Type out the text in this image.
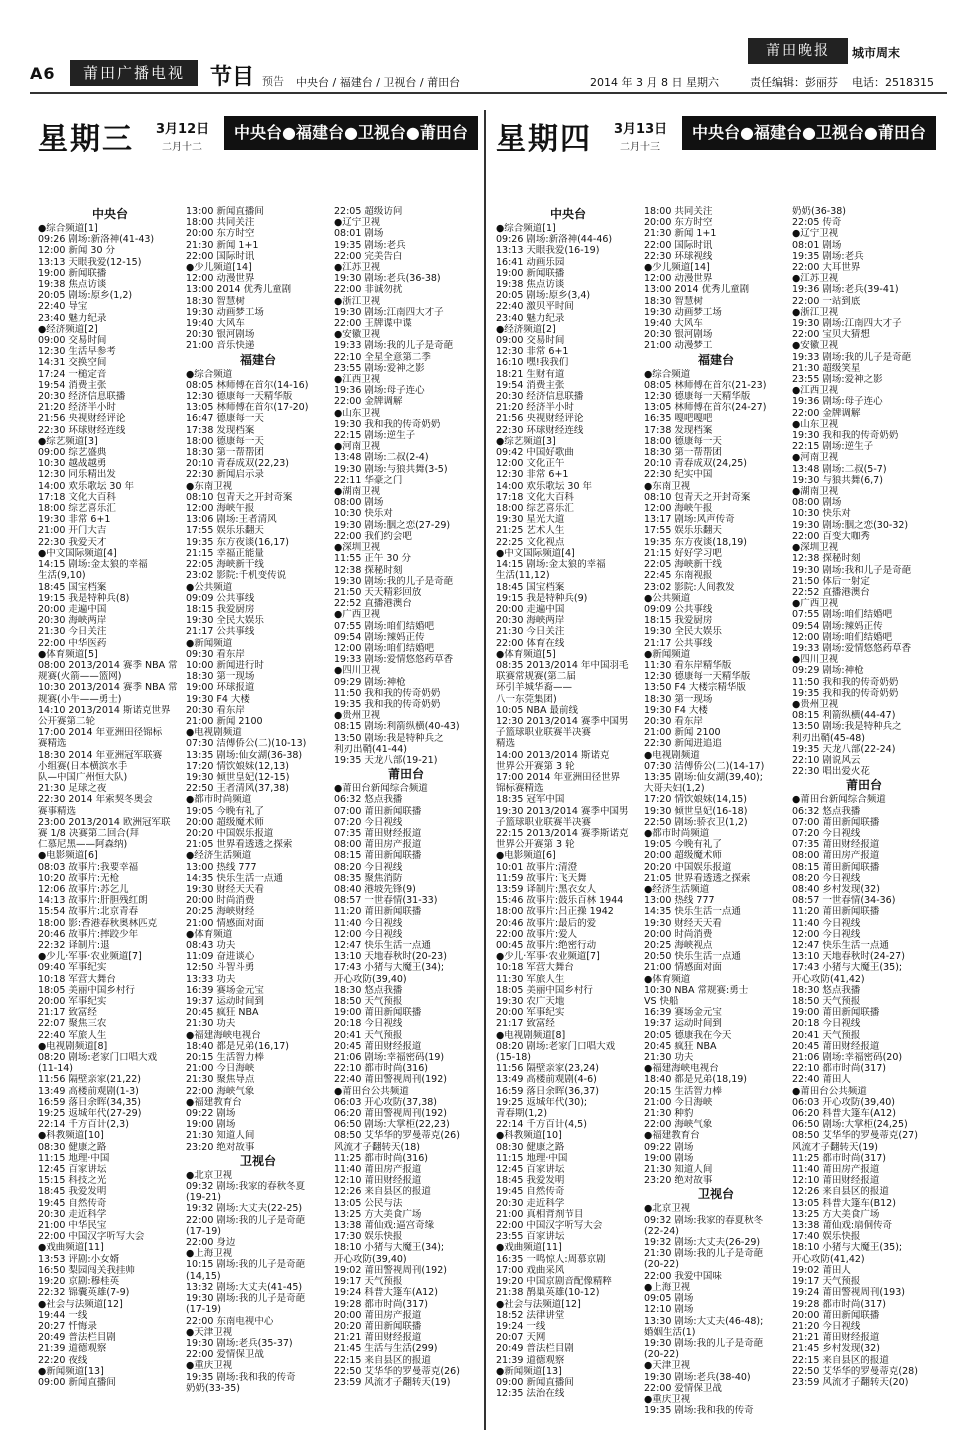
A6	莆田广播电视	节目 预告 中央台 / 福建台 / 卫视台 / 莆田台	2014 年 3 月 8 日 星期六	责任编辑：彭丽芬 电话：2518315
莆田晚报	城市周末
星期三 3月12日
二月十二
中央台●福建台●卫视台●莆田台
中央台
●综合频道[1]
09:26 剧场:新洛神(41-43)
12:00 新闻 30 分
13:13 天眼我爱(12-15)
19:00 新闻联播
19:38 焦点访谈
20:05 剧场:原乡(1,2)
22:40 导宝
23:40 魅力纪录
●经济频道[2]
09:00 交易时间
12:30 生活早参考
14:31 交换空间
17:24 一槌定音
19:54 消费主张
20:30 经济信息联播
21:20 经济半小时
21:56 央视财经评论
22:30 环球财经连线
●综艺频道[3]
09:00 综艺盛典
10:30 越战越勇
12:30 同乐精出发
14:00 欢乐歌坛 30 年
17:18 文化大百科
18:00 综艺喜乐汇
19:30 非常 6+1
21:00 开门大吉
22:30 我爱天才
●中文国际频道[4]
14:15 剧场:金太狼的幸福
生活(9,10)
18:45 国宝档案
19:15 我是特种兵(8)
20:00 走遍中国
20:30 海峡两岸
21:30 今日关注
22:00 中华医药
●体育频道[5]
08:00 2013/2014 赛季 NBA 常
规赛(火箭——篮网)
10:30 2013/2014 赛季 NBA 常
规赛(小牛——勇士)
14:10 2013/2014 斯诺克世界
公开赛第二轮
17:00 2014 年亚洲田径锦标
赛精选
18:30 2014 年亚洲冠军联赛
小组赛(日本横滨水手
队—中国广州恒大队)
21:30 足球之夜
22:30 2014 年索契冬奥会
赛事精选
23:00 2013/2014 欧洲冠军联
赛 1/8 决赛第二回合(拜
仁慕尼黑——阿森纳)
●电影频道[6]
08:03 故事片:我要幸福
10:20 故事片:无枪
12:06 故事片:苏乞儿
14:13 故事片:肝胆残红朗
15:54 故事片:北京青春
18:00 影:香港春秋奥林匹克
20:46 故事片:摔跤少年
22:32 译制片:退
●少儿·军事·农业频道[7]
09:40 军事纪实
10:18 军营大舞台
18:05 美丽中国乡村行
20:00 军事纪实
21:17 致富经
22:07 聚焦三农
22:40 军旅人生
●电视剧频道[8]
08:20 剧场:老家门口唱大戏
(11-14)
11:56 隔壁亲家(21,22)
13:49 高楼前观剧(1-3)
16:59 落日余晖(34,35)
19:25 返城年代(27-29)
22:14 千方百计(2,3)
●科教频道[10]
08:30 健康之路
11:15 地理·中国
12:45 百家讲坛
15:15 科技之光
18:45 我爱发明
19:45 自然传奇
20:30 走近科学
21:00 中华民宝
22:00 中国汉字听写大会
●戏曲频道[11]
13:53 评剧:小女婿
16:50 梨园闯关我挂帅
19:20 京剧:穆桂英
22:32 锦囊英雄(7-9)
●社会与法频道[12]
19:44 一线
20:27 忏悔录
20:49 普法栏目剧
21:39 道德观察
22:20 夜线
●新闻频道[13]
09:00 新闻直播间
13:00 新闻直播间
18:00 共同关注
20:00 东方时空
21:30 新闻 1+1
22:00 国际时讯
●少儿频道[14]
12:00 动漫世界
13:00 2014 优秀儿童剧
18:30 智慧树
19:30 动画梦工场
19:40 大风车
20:30 银河剧场
21:00 音乐快递
福建台
●综合频道
08:05 林师傅在首尔(14-16)
12:30 德康每一天精华版
13:05 林师傅在首尔(17-20)
16:47 德康每一天
17:38 发现档案
18:00 德康每一天
18:30 第一帮帮团
20:10 青春成双(22,23)
22:30 新闻启示录
●东南卫视
08:10 包青天之开封奇案
12:00 海峡午报
13:06 剧场:王者清风
17:55 娱乐乐翻天
19:35 东方夜谈(16,17)
21:15 幸福正能量
22:05 海峡新干线
23:02 影院:千机变传说
●公共频道
09:09 公共事线
18:15 我爱厨房
19:30 全民大娱乐
21:17 公共事线
●新闻频道
09:30 看东岸
10:00 新闻进行时
18:30 第一现场
19:00 环球报道
19:30 F4 大楼
20:30 看东岸
21:00 新闻 2100
●电视剧频道
07:30 洁傅侨公(二)(10-13)
13:35 剧场:仙女湖(36-38)
17:20 情饮娘妹(12,13)
19:30 倾世皇妃(12-15)
22:50 王者清风(37,38)
●都市时尚频道
19:05 今晚有礼了
20:00 超级魔术师
20:20 中国娱乐报道
21:05 世界看透透之探索
●经济生活频道
13:00 热线 777
14:35 快乐生活一点通
19:30 财经天天看
20:00 时尚消费
20:25 海峡财经
21:00 情感面对面
●体育频道
08:43 功夫
11:09 奋进谈心
12:50 斗智斗勇
13:33 功夫
16:39 赛场金元宝
19:37 运动时间到
20:45 疯狂 NBA
21:30 功夫
●福建海峡电视台
18:40 都是兄弟(16,17)
20:15 生活智力棒
21:00 今日海峡
21:30 聚焦导点
22:00 海峡气象
●福建教育台
09:22 剧场
19:00 剧场
21:30 知道人间
23:20 绝对故事
卫视台
●北京卫视
09:32 剧场:我家的春秋冬夏
(19-21)
19:32 剧场:大丈夫(22-25)
22:00 剧场:我的儿子是奇葩
(17-19)
22:00 身边
●上海卫视
10:15 剧场:我的儿子是奇葩
(14,15)
13:32 剧场:大丈夫(41-45)
19:30 剧场:我的儿子是奇葩
(17-19)
22:00 东南电视中心
●天津卫视
19:30 剧场:老兵(35-37)
22:00 爱情保卫战
●重庆卫视
19:35 剧场:我和我的传奇
奶奶(33-35)
22:05 超级访问
●辽宁卫视
08:01 剧场
19:35 剧场:老兵
22:00 完美告白
●江苏卫视
19:30 剧场:老兵(36-38)
22:00 非诚勿扰
●浙江卫视
19:30 剧场:江南四大才子
22:00 王牌谍中谍
●安徽卫视
19:33 剧场:我的儿子是奇葩
22:10 全星全意第二季
23:55 剧场:爱神之影
●江西卫视
19:36 剧场:母子连心
22:00 金牌调解
●山东卫视
19:30 我和我的传奇奶奶
22:15 剧场:逆生子
●河南卫视
13:48 剧场:二叔(2-4)
19:30 剧场:与狼共舞(3-5)
22:11 华豪之门
●湖南卫视
08:00 剧场
10:30 快乐对
19:30 剧场:胭之恋(27-29)
22:00 我们约会吧
●深圳卫视
11:55 正午 30 分
12:38 探秘时刻
19:30 剧场:我的儿子是奇葩
21:50 天天精彩回放
22:52 直播港澳台
●广西卫视
07:55 剧场:咱们结婚吧
09:54 剧场:辣妈正传
12:00 剧场:咱们结婚吧
19:33 剧场:爱情悠悠药草香
●四川卫视
09:29 剧场:神枪
11:50 我和我的传奇奶奶
19:35 我和我的传奇奶奶
●贵州卫视
08:15 剧场:利箭纵横(40-43)
13:50 剧场:我是特种兵之
利刃出鞘(41-44)
19:35 天龙八部(19-21)
莆田台
●莆田台新闻综合频道
06:32 悠点我播
07:00 莆田新闻联播
07:20 今日视线
07:35 莆田财经报道
08:00 莆田房产报道
08:15 莆田新闻联播
08:20 今日视线
08:35 聚焦消防
08:40 港坡先锋(9)
08:57 一世春情(31-33)
11:20 莆田新闻联播
11:40 今日视线
12:00 今日视线
12:47 快乐生活一点通
13:10 天地春秋时(20-23)
17:43 小猪与大魔王(34);
开心攻防(39,40)
18:30 悠点我播
18:50 天气预报
19:00 莆田新闻联播
20:18 今日视线
20:41 天气预报
20:45 莆田财经报道
21:06 剧场:幸福密码(19)
22:10 都市时尚(316)
22:40 莆田警视周刊(192)
●莆田台公共频道
06:03 开心攻防(37,38)
06:20 莆田警视周刊(192)
06:50 剧场:大掌柜(22,23)
08:50 艾华华的罗曼蒂克(26)
风流才子翻转天(18)
11:25 都市时尚(316)
11:40 莆田房产报道
12:10 莆田财经报道
12:26 来自县区的报道
13:05 公民与法
13:25 方大美食广场
13:38 莆仙戏:逼宫奇缘
17:30 娱乐快报
18:10 小猪与大魔王(34);
开心攻防(39,40)
19:02 莆田警视周刊(192)
19:17 天气预报
19:24 科普大篷车(A12)
19:28 都市时尚(317)
20:00 莆田房产报道
20:20 莆田新闻联播
21:21 莆田财经报道
21:45 生活与生活(299)
22:15 来自县区的报道
22:50 艾华华的罗曼蒂克(26)
23:59 风流才子翻转天(19)
星期四 3月13日
二月十三
中央台●福建台●卫视台●莆田台
中央台
●综合频道[1]
09:26 剧场:新洛神(44-46)
13:13 天眼我爱(16-19)
16:41 动画乐园
19:00 新闻联播
19:38 焦点访谈
20:05 剧场:原乡(3,4)
22:40 激贝平时间
23:40 魅力纪录
●经济频道[2]
09:00 交易时间
12:30 非常 6+1
16:10 嘿!我我们
18:21 生财有道
19:54 消费主张
20:30 经济信息联播
21:20 经济半小时
21:56 央视财经评论
22:30 环球财经连线
●综艺频道[3]
09:42 中国好歌曲
12:00 文化正午
12:30 非常 6+1
14:00 欢乐歌坛 30 年
17:18 文化大百科
18:00 综艺喜乐汇
19:30 星光大道
21:25 艺术人生
22:25 文化视点
●中文国际频道[4]
14:15 剧场:金太狼的幸福
生活(11,12)
18:45 国宝档案
19:15 我是特种兵(9)
20:00 走遍中国
20:30 海峡两岸
21:30 今日关注
22:00 体育在线
●体育频道[5]
08:35 2013/2014 年中国羽毛
联赛常规赛(第二届
环引羊城华裔——
八一东莞集团)
10:05 NBA 最前线
12:30 2013/2014 赛季中国男
子篮球职业联赛半决赛
精选
14:00 2013/2014 斯诺克
世界公开赛第 3 轮
17:00 2014 年亚洲田径世界
锦标赛精选
18:35 冠军中国
19:30 2013/2014 赛季中国男
子篮球职业联赛半决赛
22:15 2013/2014 赛季斯诺克
世界公开赛第 3 轮
●电影频道[6]
10:01 故事片:清澄
11:59 故事片:飞天舞
13:59 译制片:黑衣女人
15:46 故事片:鼓乐百林 1944
18:00 故事片:吕正操 1942
20:46 故事片:最后的爱
22:00 故事片:爱人
00:45 故事片:绝密行动
●少儿·军事·农业频道[7]
10:18 军营大舞台
11:30 军旅人生
18:05 美丽中国乡村行
19:30 农广天地
20:00 军事纪实
21:17 致富经
●电视剧频道[8]
08:20 剧场:老家门口唱大戏
(15-18)
11:56 隔壁亲家(23,24)
13:49 高楼前观剧(4-6)
16:59 落日余晖(36,37)
19:25 返城年代(30);
青春期(1,2)
22:14 千方百计(4,5)
●科教频道[10]
08:30 健康之路
11:15 地理·中国
12:45 百家讲坛
18:45 我爱发明
19:45 自然传奇
20:30 走近科学
21:00 真相背剂节目
22:00 中国汉字听写大会
23:55 百家讲坛
●戏曲频道[11]
16:35 一鸣惊人:周慕京剧
17:00 戏曲采风
19:20 中国京剧音配像精粹
21:38 鹊巢英雄(10-12)
●社会与法频道[12]
18:52 法律讲堂
19:24 一线
20:07 天网
20:49 普法栏目剧
21:39 道德观察
●新闻频道[13]
09:00 新闻直播间
12:35 法治在线
18:00 共同关注
20:00 东方时空
21:30 新闻 1+1
22:00 国际时讯
22:30 环球视线
●少儿频道[14]
12:00 动漫世界
13:00 2014 优秀儿童剧
18:30 智慧树
19:30 动画梦工场
19:40 大风车
20:30 银河剧场
21:00 动漫梦工
福建台
●综合频道
08:05 林师傅在首尔(21-23)
12:30 德康每一天精华版
13:05 林师傅在首尔(24-27)
16:35 嘎吧嘎吧
17:38 发现档案
18:00 德康每一天
18:30 第一帮帮团
20:10 青春成双(24,25)
22:30 纪实中国
●东南卫视
08:10 包青天之开封奇案
12:00 海峡午报
13:17 剧场:风声传奇
17:55 娱乐乐翻天
19:35 东方夜谈(18,19)
21:15 好好学习吧
22:05 海峡新干线
22:45 东南视报
23:02 影院:人间教发
●公共频道
09:09 公共事线
18:15 我爱厨房
19:30 全民大娱乐
21:17 公共事线
●新闻频道
11:30 看东岸精华版
12:30 德康每一天精华版
13:50 F4 大楼宗精华版
18:30 第一现场
19:30 F4 大楼
20:30 看东岸
21:00 新闻 2100
22:30 新闻进追追
●电视剧频道
07:30 洁傅侨公(二)(14-17)
13:35 剧场:仙女湖(39,40);
大哥夫妇(1,2)
17:20 情饮娘妹(14,15)
19:30 倾世皇妃(16-18)
22:50 剧场:骄衣卫(1,2)
●都市时尚频道
19:05 今晚有礼了
20:00 超级魔术师
20:20 中国娱乐报道
21:05 世界看透透之探索
●经济生活频道
13:00 热线 777
14:35 快乐生活一点通
19:30 财经天天看
20:00 时尚消费
20:25 海峡视点
20:50 快乐生活一点通
21:00 情感面对面
●体育频道
10:30 NBA 常规赛:勇士
VS 快船
16:39 赛场金元宝
19:37 运动时间到
20:05 德康我在今天
20:45 疯狂 NBA
21:30 功夫
●福建海峡电视台
18:40 都是兄弟(18,19)
20:15 生活智力棒
21:00 今日海峡
21:30 种豹
22:00 海峡气象
●福建教育台
09:22 剧场
19:00 剧场
21:30 知道人间
23:20 绝对故事
卫视台
●北京卫视
09:32 剧场:我家的春夏秋冬
(22-24)
19:32 剧场:大丈夫(26-29)
21:30 剧场:我的儿子是奇葩
(20-22)
22:00 我爱中国味
●上海卫视
09:05 剧场
12:10 剧场
13:30 剧场:大丈夫(46-48);
婚姻生活(1)
19:30 剧场:我的儿子是奇葩
(20-22)
●天津卫视
19:30 剧场:老兵(38-40)
22:00 爱情保卫战
●重庆卫视
19:35 剧场:我和我的传奇
奶奶(36-38)
22:05 传奇
●辽宁卫视
08:01 剧场
19:35 剧场:老兵
22:00 大耳世界
●江苏卫视
19:36 剧场:老兵(39-41)
22:00 一站到底
●浙江卫视
19:30 剧场:江南四大才子
22:00 宝贝大猜想
●安徽卫视
19:33 剧场:我的儿子是奇葩
21:30 超级笑星
23:55 剧场:爱神之影
●江西卫视
19:36 剧场:母子连心
22:00 金牌调解
●山东卫视
19:30 我和我的传奇奶奶
22:15 剧场:逆生子
●河南卫视
13:48 剧场:二叔(5-7)
19:30 与狼共舞(6,7)
●湖南卫视
08:00 剧场
10:30 快乐对
19:30 剧场:胭之恋(30-32)
22:00 百变大咖秀
●深圳卫视
12:38 探秘时刻
19:30 剧场:我和儿子是奇葩
21:50 体后一射定
22:52 直播港澳台
●广西卫视
07:55 剧场:咱们结婚吧
09:54 剧场:辣妈正传
12:00 剧场:咱们结婚吧
19:33 剧场:爱情悠悠药草香
●四川卫视
09:29 剧场:神枪
11:50 我和我的传奇奶奶
19:35 我和我的传奇奶奶
●贵州卫视
08:15 利箭纵横(44-47)
13:50 剧场:我是特种兵之
利刃出鞘(45-48)
19:35 天龙八部(22-24)
22:10 剧说风云
22:30 唱出爱火花
莆田台
●莆田台新闻综合频道
06:32 悠点我播
07:00 莆田新闻联播
07:20 今日视线
07:35 莆田财经报道
08:00 莆田房产报道
08:15 莆田新闻联播
08:20 今日视线
08:40 乡村发现(32)
08:57 一世春情(34-36)
11:20 莆田新闻联播
11:40 今日视线
12:00 今日视线
12:47 快乐生活一点通
13:10 天地春秋时(24-27)
17:43 小猪与大魔王(35);
开心攻防(41,42)
18:30 悠点我播
18:50 天气预报
19:00 莆田新闻联播
20:18 今日视线
20:41 天气预报
20:45 莆田财经报道
21:06 剧场:幸福密码(20)
22:10 都市时尚(317)
22:40 莆田人
●莆田台公共频道
06:03 开心攻防(39,40)
06:20 科普大篷车(A12)
06:50 剧场:大掌柜(24,25)
08:50 艾华华的罗曼蒂克(27)
风流才子翻转天(19)
11:25 都市时尚(317)
11:40 莆田房产报道
12:10 莆田财经报道
12:26 来自县区的报道
13:05 科普大篷车(B12)
13:25 方大美食广场
13:38 莆仙戏:扇侗传奇
17:40 娱乐快报
18:10 小猪与大魔王(35);
开心攻防(41,42)
19:02 莆田人
19:17 天气预报
19:24 莆田警视周刊(193)
19:28 都市时尚(317)
20:00 莆田新闻联播
21:20 今日视线
21:21 莆田财经报道
21:45 乡村发现(32)
22:15 来自县区的报道
22:50 艾华华的罗曼蒂克(28)
23:59 风流才子翻转天(20)
